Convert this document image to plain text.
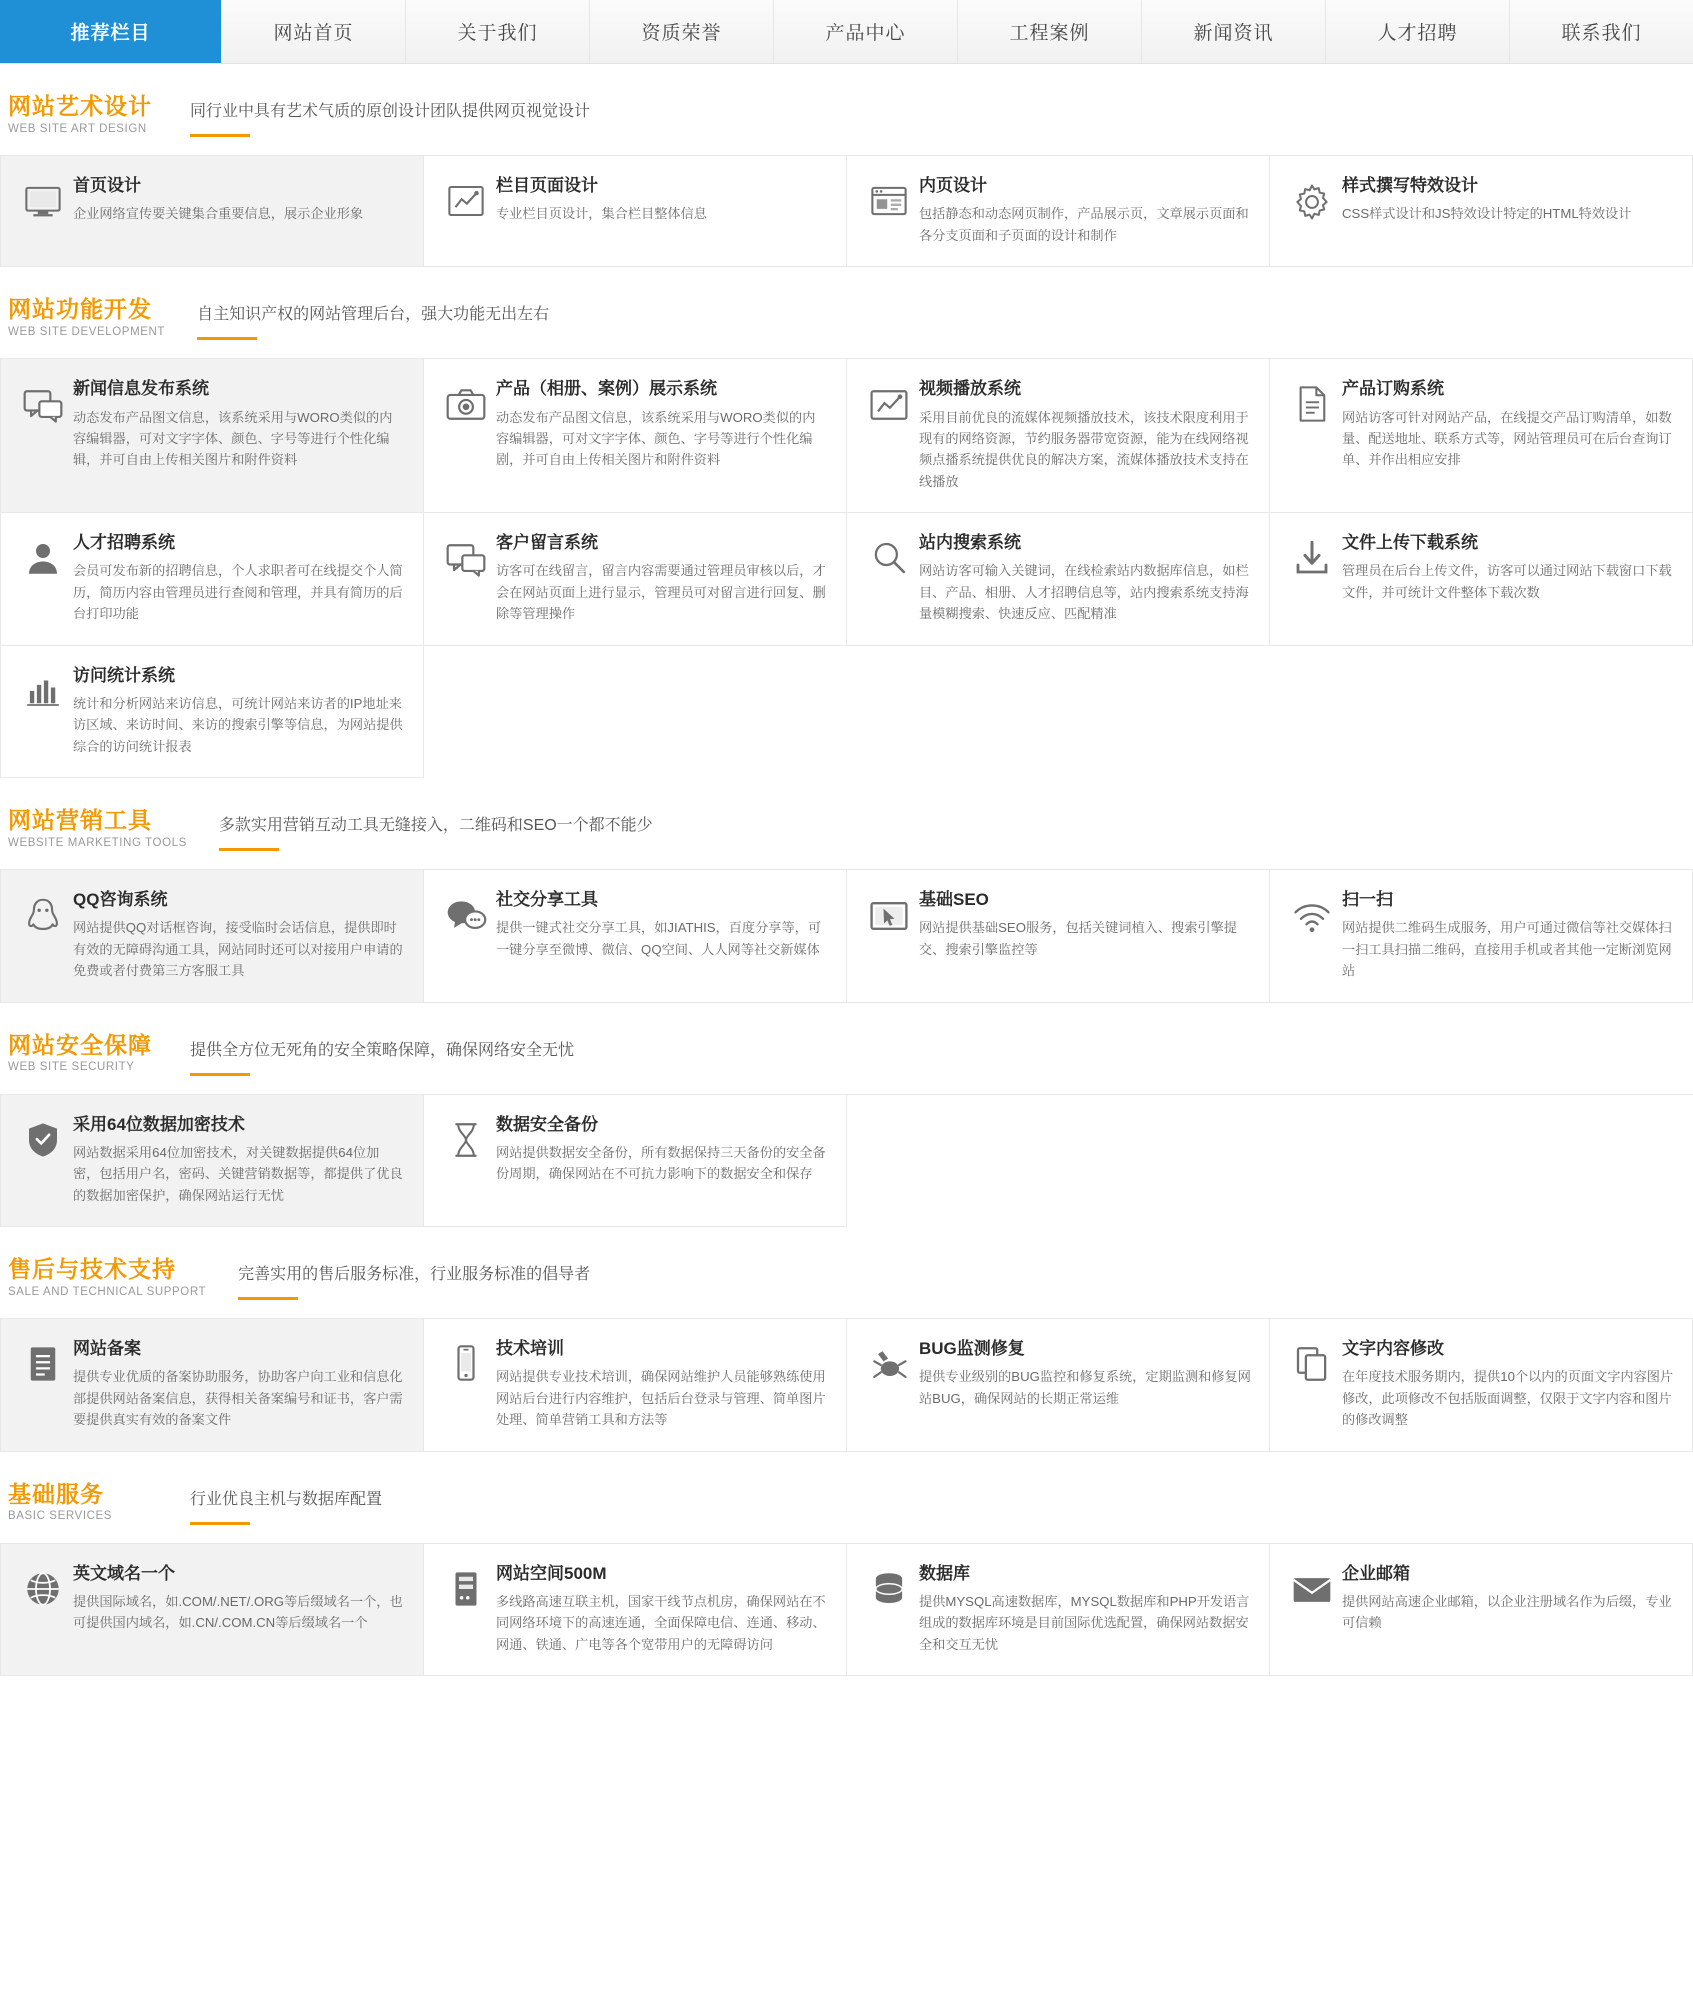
推荐栏目	网站首页	关于我们	资质荣誉	产品中心	工程案例	新闻资讯	人才招聘	联系我们
网站艺术设计
WEB SITE ART DESIGN
同行业中具有艺术气质的原创设计团队提供网页视觉设计
首页设计
企业网络宣传要关键集合重要信息，展示企业形象
栏目页面设计
专业栏目页设计，集合栏目整体信息
内页设计
包括静态和动态网页制作，产品展示页，文章展示页面和各分支页面和子页面的设计和制作
样式撰写特效设计
CSS样式设计和JS特效设计特定的HTML特效设计
网站功能开发
WEB SITE DEVELOPMENT
自主知识产权的网站管理后台，强大功能无出左右
新闻信息发布系统
动态发布产品图文信息，该系统采用与WORO类似的内容编辑器，可对文字字体、颜色、字号等进行个性化编辑，并可自由上传相关图片和附件资料
产品（相册、案例）展示系统
动态发布产品图文信息，该系统采用与WORO类似的内容编辑器，可对文字字体、颜色、字号等进行个性化编剧，并可自由上传相关图片和附件资料
视频播放系统
采用目前优良的流媒体视频播放技术，该技术限度利用于现有的网络资源，节约服务器带宽资源，能为在线网络视频点播系统提供优良的解决方案，流媒体播放技术支持在线播放
产品订购系统
网站访客可针对网站产品，在线提交产品订购清单，如数量、配送地址、联系方式等，网站管理员可在后台查询订单、并作出相应安排
人才招聘系统
会员可发布新的招聘信息，个人求职者可在线提交个人简历，简历内容由管理员进行查阅和管理，并具有简历的后台打印功能
客户留言系统
访客可在线留言，留言内容需要通过管理员审核以后，才会在网站页面上进行显示，管理员可对留言进行回复、删除等管理操作
站内搜索系统
网站访客可输入关键词，在线检索站内数据库信息，如栏目、产品、相册、人才招聘信息等，站内搜索系统支持海量模糊搜索、快速反应、匹配精准
文件上传下载系统
管理员在后台上传文件，访客可以通过网站下载窗口下载文件，并可统计文件整体下载次数
访问统计系统
统计和分析网站来访信息，可统计网站来访者的IP地址来访区域、来访时间、来访的搜索引擎等信息，为网站提供综合的访问统计报表
网站营销工具
WEBSITE MARKETING TOOLS
多款实用营销互动工具无缝接入，二维码和SEO一个都不能少
QQ咨询系统
网站提供QQ对话框咨询，接受临时会话信息，提供即时有效的无障碍沟通工具，网站同时还可以对接用户申请的免费或者付费第三方客服工具
社交分享工具
提供一键式社交分享工具，如JIATHIS，百度分享等，可一键分享至微博、微信、QQ空间、人人网等社交新媒体
基础SEO
网站提供基础SEO服务，包括关键词植入、搜索引擎提交、搜索引擎监控等
扫一扫
网站提供二维码生成服务，用户可通过微信等社交媒体扫一扫工具扫描二维码，直接用手机或者其他一定断浏览网站
网站安全保障
WEB SITE SECURITY
提供全方位无死角的安全策略保障，确保网络安全无忧
采用64位数据加密技术
网站数据采用64位加密技术，对关键数据提供64位加密，包括用户名，密码、关键营销数据等，都提供了优良的数据加密保护，确保网站运行无忧
数据安全备份
网站提供数据安全备份，所有数据保持三天备份的安全备份周期，确保网站在不可抗力影响下的数据安全和保存
售后与技术支持
SALE AND TECHNICAL SUPPORT
完善实用的售后服务标准，行业服务标准的倡导者
网站备案
提供专业优质的备案协助服务，协助客户向工业和信息化部提供网站备案信息，获得相关备案编号和证书，客户需要提供真实有效的备案文件
技术培训
网站提供专业技术培训，确保网站维护人员能够熟练使用网站后台进行内容维护，包括后台登录与管理、简单图片处理、简单营销工具和方法等
BUG监测修复
提供专业级别的BUG监控和修复系统，定期监测和修复网站BUG，确保网站的长期正常运维
文字内容修改
在年度技术服务期内，提供10个以内的页面文字内容图片修改，此项修改不包括版面调整，仅限于文字内容和图片的修改调整
基础服务
BASIC SERVICES
行业优良主机与数据库配置
英文域名一个
提供国际域名，如.COM/.NET/.ORG等后缀域名一个，也可提供国内域名，如.CN/.COM.CN等后缀域名一个
网站空间500M
多线路高速互联主机，国家干线节点机房，确保网站在不同网络环境下的高速连通，全面保障电信、连通、移动、网通、铁通、广电等各个宽带用户的无障碍访问
数据库
提供MYSQL高速数据库，MYSQL数据库和PHP开发语言组成的数据库环境是目前国际优选配置，确保网站数据安全和交互无忧
企业邮箱
提供网站高速企业邮箱，以企业注册域名作为后缀，专业可信赖
